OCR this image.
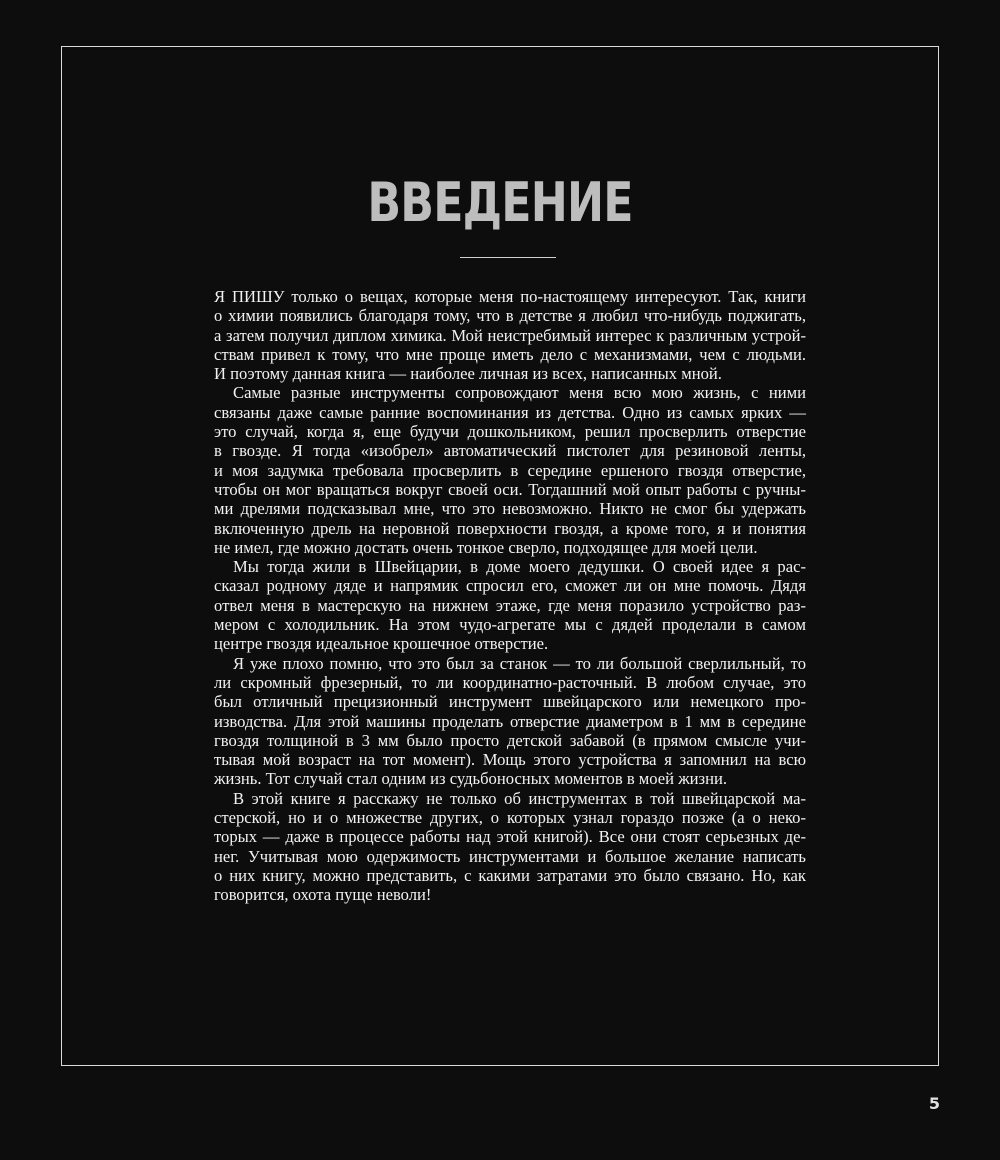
ВВЕДЕНИЕ
Я ПИШУ только о вещах, которые меня по-настоящему интересуют. Так, книги
о химии появились благодаря тому, что в детстве я любил что-нибудь поджигать,
а затем получил диплом химика. Мой неистребимый интерес к различным устрой-
ствам привел к тому, что мне проще иметь дело с механизмами, чем с людьми.
И поэтому данная книга — наиболее личная из всех, написанных мной.
Самые разные инструменты сопровождают меня всю мою жизнь, с ними
связаны даже самые ранние воспоминания из детства. Одно из самых ярких —
это случай, когда я, еще будучи дошкольником, решил просверлить отверстие
в гвозде. Я тогда «изобрел» автоматический пистолет для резиновой ленты,
и моя задумка требовала просверлить в середине ершеного гвоздя отверстие,
чтобы он мог вращаться вокруг своей оси. Тогдашний мой опыт работы с ручны-
ми дрелями подсказывал мне, что это невозможно. Никто не смог бы удержать
включенную дрель на неровной поверхности гвоздя, а кроме того, я и понятия
не имел, где можно достать очень тонкое сверло, подходящее для моей цели.
Мы тогда жили в Швейцарии, в доме моего дедушки. О своей идее я рас-
сказал родному дяде и напрямик спросил его, сможет ли он мне помочь. Дядя
отвел меня в мастерскую на нижнем этаже, где меня поразило устройство раз-
мером с холодильник. На этом чудо-агрегате мы с дядей проделали в самом
центре гвоздя идеальное крошечное отверстие.
Я уже плохо помню, что это был за станок — то ли большой сверлильный, то
ли скромный фрезерный, то ли координатно-расточный. В любом случае, это
был отличный прецизионный инструмент швейцарского или немецкого про-
изводства. Для этой машины проделать отверстие диаметром в 1 мм в середине
гвоздя толщиной в 3 мм было просто детской забавой (в прямом смысле учи-
тывая мой возраст на тот момент). Мощь этого устройства я запомнил на всю
жизнь. Тот случай стал одним из судьбоносных моментов в моей жизни.
В этой книге я расскажу не только об инструментах в той швейцарской ма-
стерской, но и о множестве других, о которых узнал гораздо позже (а о неко-
торых — даже в процессе работы над этой книгой). Все они стоят серьезных де-
нег. Учитывая мою одержимость инструментами и большое желание написать
о них книгу, можно представить, с какими затратами это было связано. Но, как
говорится, охота пуще неволи!
5
